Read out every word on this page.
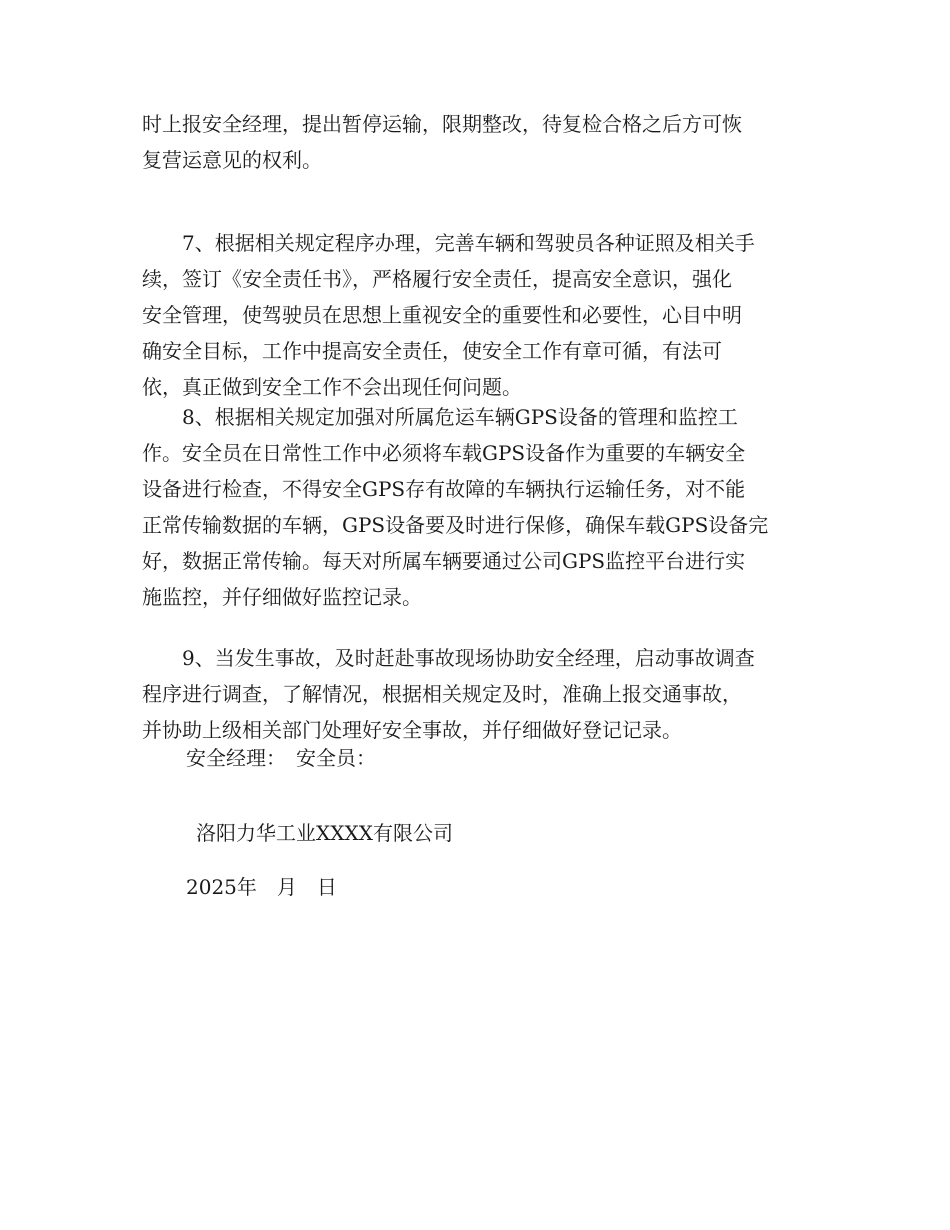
时上报安全经理，提出暂停运输，限期整改，待复检合格之后方可恢
复营运意见的权利。
　　7、根据相关规定程序办理，完善车辆和驾驶员各种证照及相关手
续，签订《安全责任书》，严格履行安全责任，提高安全意识，强化
安全管理，使驾驶员在思想上重视安全的重要性和必要性，心目中明
确安全目标，工作中提高安全责任，使安全工作有章可循，有法可
依，真正做到安全工作不会出现任何问题。
　　8、根据相关规定加强对所属危运车辆GPS设备的管理和监控工
作。安全员在日常性工作中必须将车载GPS设备作为重要的车辆安全
设备进行检查，不得安全GPS存有故障的车辆执行运输任务，对不能
正常传输数据的车辆，GPS设备要及时进行保修，确保车载GPS设备完
好，数据正常传输。每天对所属车辆要通过公司GPS监控平台进行实
施监控，并仔细做好监控记录。
　　9、当发生事故，及时赶赴事故现场协助安全经理，启动事故调查
程序进行调查，了解情况，根据相关规定及时，准确上报交通事故，
并协助上级相关部门处理好安全事故，并仔细做好登记记录。
安全经理：　安全员：
洛阳力华工业XXXX有限公司
2025年　月　日
